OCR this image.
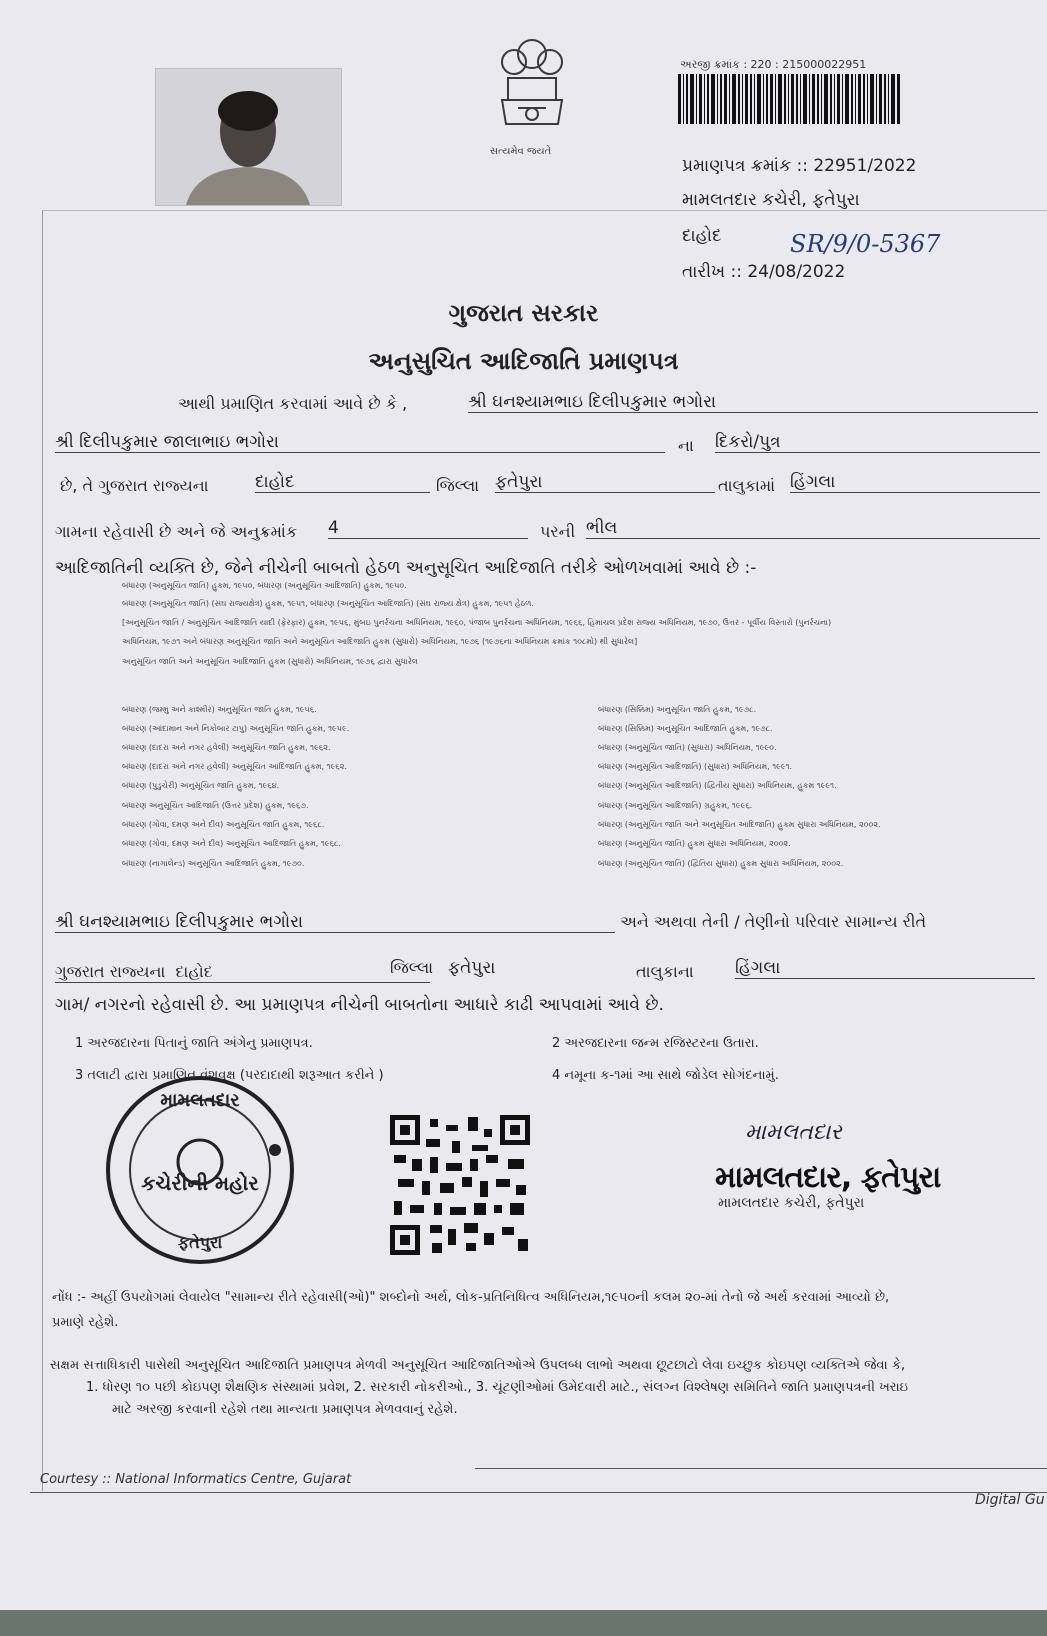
સત્યમેવ જયતે
અરજી ક્રમાંક : 220 : 215000022951
પ્રમાણપત્ર ક્રમાંક :: 22951/2022
મામલતદાર કચેરી, ફતેપુરા
દાહોદ	SR/9/0-5367
તારીખ :: 24/08/2022
ગુજરાત સરકાર
અનુસુચિત આદિજાતિ પ્રમાણપત્ર
આથી પ્રમાણિત કરવામાં આવે છે કે ,	શ્રી ઘનશ્યામભાઇ દિલીપકુમાર ભગોરા
શ્રી દિલીપકુમાર જાલાભાઇ ભગોરા	ના દિકરો/પુત્ર
છે, તે ગુજરાત રાજ્યના	દાહોદ	જિલ્લા ફતેપુરા	તાલુકામાં હિંગલા
ગામના રહેવાસી છે અને જે અનુક્રમાંક 4	પરની ભીલ
આદિજાતિની વ્યક્તિ છે, જેને નીચેની બાબતો હેઠળ અનુસૂચિત આદિજાતિ તરીકે ઓળખવામાં આવે છે :-
બંધારણ (અનુસૂચિત જાતિ) હુકમ, ૧૯૫૦, બંધારણ (અનુસૂચિત આદિજાતિ) હુકમ, ૧૯૫૦.
બંધારણ (અનુસૂચિત જાતિ) (સંઘ રાજ્યક્ષેત્ર) હુકમ, ૧૯૫૧, બંધારણ (અનુસૂચિત આદિજાતિ) (સંઘ રાજ્ય ક્ષેત્ર) હુકમ, ૧૯૫૧ હેઠળ.
[અનુસૂચિત જાતિ / અનુસૂચિત આદિજાતિ યાદી (ફેરફાર) હુકમ, ૧૯૫૬, મુંબઇ પુનર્રચના અધિનિયમ, ૧૯૬૦, પંજાબ પુનર્રચના અધિનિયમ, ૧૯૬૬, હિમાચલ પ્રદેશ રાજ્ય અધિનિયમ, ૧૯૭૦, ઉત્તર - પૂર્વીય વિસ્તારો (પુનર્રચના)
અધિનિયમ, ૧૯૭૧ અને બંધારણ અનુસૂચિત જાતિ અને અનુસૂચિત આદિજાતિ હુકમ (સુધારો) અધિનિયમ, ૧૯૭૬ (૧૯૭૬ના અધિનિયમ ક્રમાંક ૧૦૮મો) થી સુધારેલ]
અનુસૂચિત જાતિ અને અનુસૂચિત આદિજાતિ હુકમ (સુધારો) અધિનિયમ, ૧૯૭૬ દ્વારા સુધારેલ
બંધારણ (જમ્મુ અને કાશ્મીર) અનુસૂચિત જાતિ હુકમ, ૧૯૫૬.
બંધારણ (આંદામાન અને નિકોબાર ટાપુ) અનુસૂચિત જાતિ હુકમ, ૧૯૫૯.
બંધારણ (દાદરા અને નગર હવેલી) અનુસૂચિત જાતિ હુકમ, ૧૯૬૨.
બંધારણ (દાદરા અને નગર હવેલી) અનુસૂચિત આદિજાતિ હુકમ, ૧૯૬૨.
બંધારણ (પુડુચેરી) અનુસૂચિત જાતિ હુકમ, ૧૯૬૪.
બંધારણ અનુસૂચિત આદિજાતિ (ઉત્તર પ્રદેશ) હુકમ, ૧૯૬૭.
બંધારણ (ગોવા, દમણ અને દીવ) અનુસૂચિત જાતિ હુકમ, ૧૯૬૮.
બંધારણ (ગોવા, દમણ અને દીવ) અનુસૂચિત આદિજાતિ હુકમ, ૧૯૬૮.
બંધારણ (નાગાલેન્ડ) અનુસૂચિત આદિજાતિ હુકમ, ૧૯૭૦.
બંધારણ (સિક્કિમ) અનુસૂચિત જાતિ હુકમ, ૧૯૭૮.
બંધારણ (સિક્કિમ) અનુસૂચિત આદિજાતિ હુકમ, ૧૯૭૮.
બંધારણ (અનુસૂચિત જાતિ) (સુધારા) અધિનિયમ, ૧૯૯૦.
બંધારણ (અનુસૂચિત આદિજાતિ) (સુધારા) અધિનિયમ, ૧૯૯૧.
બંધારણ (અનુસૂચિત આદિજાતિ) (દ્વિતીય સુધારા) અધિનિયમ, હુકમ ૧૯૯૧.
બંધારણ (અનુસૂચિત આદિજાતિ) ગ્રહુકમ, ૧૯૯૬.
બંધારણ (અનુસૂચિત જાતિ અને અનુસૂચિત આદિજાતિ) હુકમ સુધારા અધિનિયમ, ૨૦૦૨.
બંધારણ (અનુસૂચિત જાતિ) હુકમ સુધારા અધિનિયમ, ૨૦૦૨.
બંધારણ (અનુસૂચિત જાતિ) (દ્વિતિય સુધારા) હુકમ સુધારા અધિનિયમ, ૨૦૦૨.
શ્રી ઘનશ્યામભાઇ દિલીપકુમાર ભગોરા	અને અથવા તેની / તેણીનો પરિવાર સામાન્ય રીતે
ગુજરાત રાજ્યના દાહોદ	જિલ્લા ફતેપુરા	તાલુકાના હિંગલા
ગામ/ નગરનો રહેવાસી છે. આ પ્રમાણપત્ર નીચેની બાબતોના આધારે કાઢી આપવામાં આવે છે.
1 અરજદારના પિતાનું જાતિ અંગેનુ પ્રમાણપત્ર.	2 અરજદારના જન્મ રજિસ્ટરના ઉતારા.
3 તલાટી દ્વારા પ્રમાણિત વંશવૃક્ષ (પરદાદાથી શરૂઆત કરીને )	4 નમૂના ક-૧માં આ સાથે જોડેલ સોગંદનામું.
મામલતદાર
કચેરીની મહોર
ફતેપુરા
મામલતદાર
મામલતદાર, ફતેપુરા
મામલતદાર કચેરી, ફતેપુરા
નોંધ :- અહીં ઉપયોગમાં લેવાયેલ "સામાન્ય રીતે રહેવાસી(ઓ)" શબ્દોનો અર્થ, લોક-પ્રતિનિધિત્વ અધિનિયમ,૧૯૫૦ની કલમ ૨૦-માં તેનો જે અર્થ કરવામાં આવ્યો છે,
પ્રમાણે રહેશે.
સક્ષમ સત્તાધિકારી પાસેથી અનુસૂચિત આદિજાતિ પ્રમાણપત્ર મેળવી અનુસૂચિત આદિજાતિઓએ ઉપલબ્ધ લાભો અથવા છૂટછાટો લેવા ઇચ્છુક કોઇપણ વ્યક્તિએ જેવા કે,
1. ધોરણ ૧૦ પછી કોઇપણ શૈક્ષણિક સંસ્થામાં પ્રવેશ, 2. સરકારી નોકરીઓ., 3. ચૂંટણીઓમાં ઉમેદવારી માટે., સંલગ્ન વિશ્લેષણ સમિતિને જાતિ પ્રમાણપત્રની ખરાઇ
માટે અરજી કરવાની રહેશે તથા માન્યતા પ્રમાણપત્ર મેળવવાનું રહેશે.
Courtesy :: National Informatics Centre, Gujarat
Digital Gu
